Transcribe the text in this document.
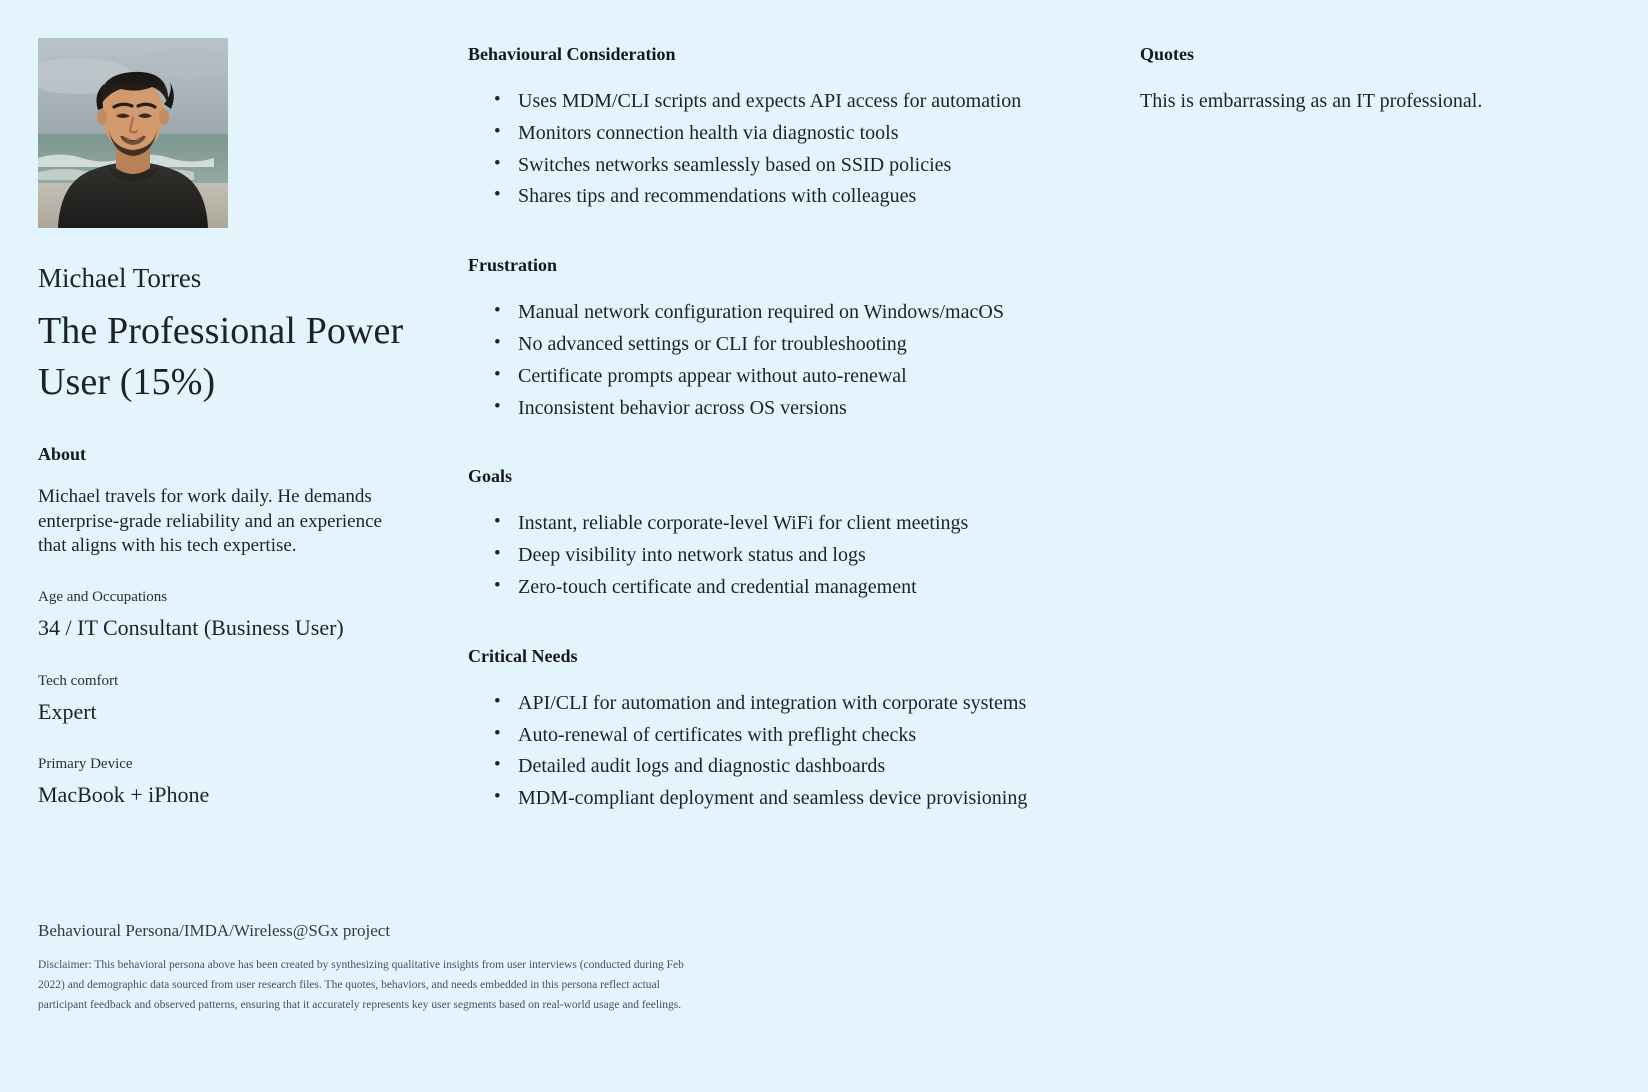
Michael Torres
The Professional Power User (15%)
About
Michael travels for work daily. He demands enterprise-grade reliability and an experience that aligns with his tech expertise.
Age and Occupations
34 / IT Consultant (Business User)
Tech comfort
Expert
Primary Device
MacBook + iPhone
Behavioural Consideration
• Uses MDM/CLI scripts and expects API access for automation
• Monitors connection health via diagnostic tools
• Switches networks seamlessly based on SSID policies
• Shares tips and recommendations with colleagues
Frustration
• Manual network configuration required on Windows/macOS
• No advanced settings or CLI for troubleshooting
• Certificate prompts appear without auto-renewal
• Inconsistent behavior across OS versions
Goals
• Instant, reliable corporate-level WiFi for client meetings
• Deep visibility into network status and logs
• Zero-touch certificate and credential management
Critical Needs
• API/CLI for automation and integration with corporate systems
• Auto-renewal of certificates with preflight checks
• Detailed audit logs and diagnostic dashboards
• MDM-compliant deployment and seamless device provisioning
Quotes
This is embarrassing as an IT professional.
Behavioural Persona/IMDA/Wireless@SGx project
Disclaimer: This behavioral persona above has been created by synthesizing qualitative insights from user interviews (conducted during Feb 2022) and demographic data sourced from user research files. The quotes, behaviors, and needs embedded in this persona reflect actual participant feedback and observed patterns, ensuring that it accurately represents key user segments based on real-world usage and feelings.
